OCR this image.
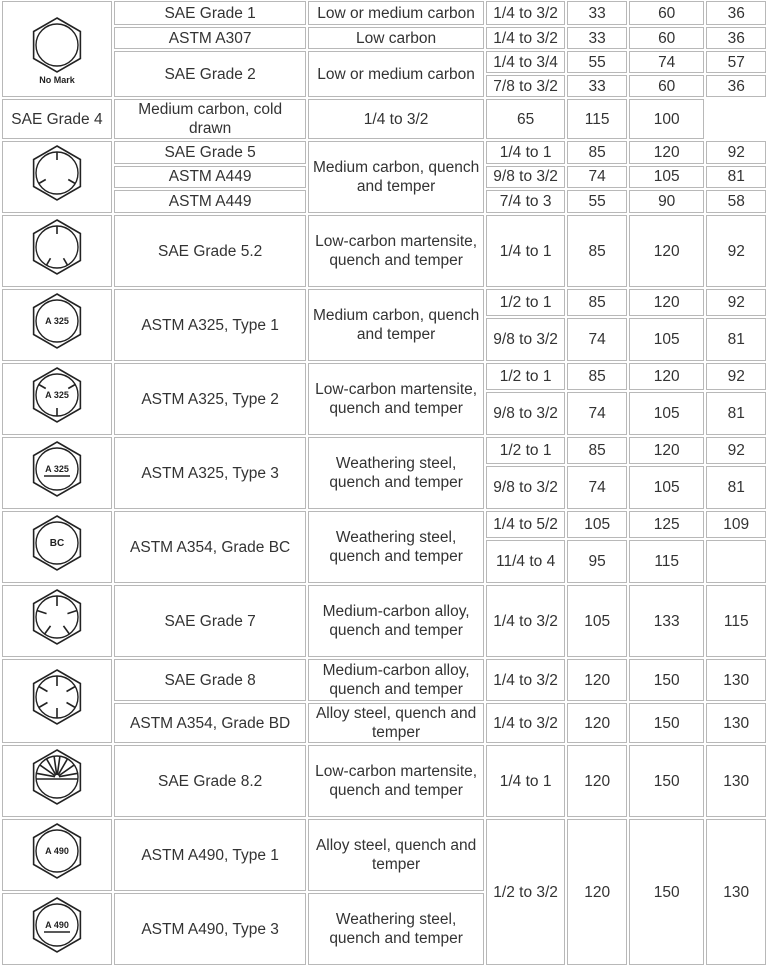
No Mark	SAE Grade 1	Low or medium carbon	1/4 to 3/2	33	60	36
	ASTM A307	Low carbon	1/4 to 3/2	33	60	36
	SAE Grade 2	Low or medium carbon	1/4 to 3/4	55	74	57
			7/8 to 3/2	33	60	36
SAE Grade 4	Medium carbon, cold drawn	1/4 to 3/2	65	115	100	

	SAE Grade 5	Medium carbon, quench and temper	1/4 to 1	85	120	92
	ASTM A449		9/8 to 3/2	74	105	81
	ASTM A449		7/4 to 3	55	90	58

	SAE Grade 5.2	Low-carbon martensite, quench and temper	1/4 to 1	85	120	92

A 325	ASTM A325, Type 1	Medium carbon, quench and temper	1/2 to 1	85	120	92
			9/8 to 3/2	74	105	81

A 325	ASTM A325, Type 2	Low-carbon martensite, quench and temper	1/2 to 1	85	120	92
			9/8 to 3/2	74	105	81

A 325	ASTM A325, Type 3	Weathering steel, quench and temper	1/2 to 1	85	120	92
			9/8 to 3/2	74	105	81

BC	ASTM A354, Grade BC	Weathering steel, quench and temper	1/4 to 5/2	105	125	109
			11/4 to 4	95	115	

	SAE Grade 7	Medium-carbon alloy, quench and temper	1/4 to 3/2	105	133	115

	SAE Grade 8	Medium-carbon alloy, quench and temper	1/4 to 3/2	120	150	130
	ASTM A354, Grade BD	Alloy steel, quench and temper	1/4 to 3/2	120	150	130

	SAE Grade 8.2	Low-carbon martensite, quench and temper	1/4 to 1	120	150	130

A 490	ASTM A490, Type 1	Alloy steel, quench and temper	1/2 to 3/2	120	150	130

A 490	ASTM A490, Type 3	Weathering steel, quench and temper				
